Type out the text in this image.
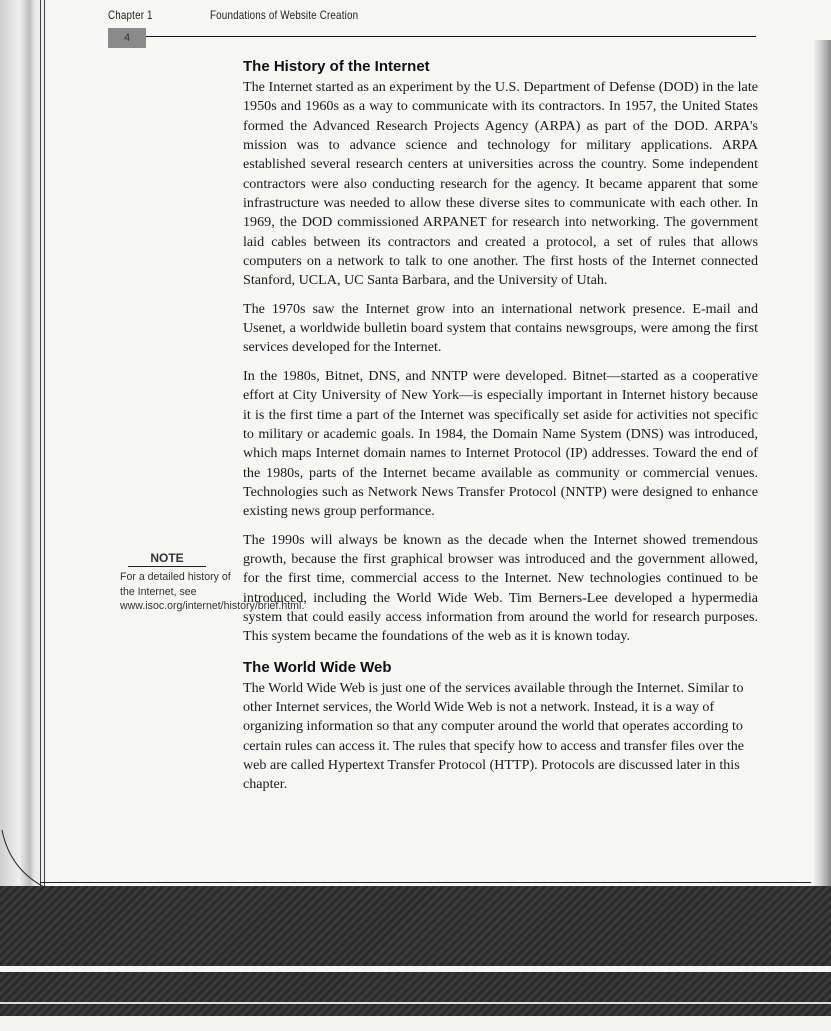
Chapter 1	Foundations of Website Creation
4
The History of the Internet

The Internet started as an experiment by the U.S. Department of Defense (DOD) in the late 1950s and 1960s as a way to communicate with its contractors. In 1957, the United States formed the Advanced Research Projects Agency (ARPA) as part of the DOD. ARPA's mission was to advance science and technology for military applications. ARPA established several research centers at universities across the country. Some independent contractors were also conducting research for the agency. It became apparent that some infrastructure was needed to allow these diverse sites to communicate with each other. In 1969, the DOD commissioned ARPANET for research into networking. The government laid cables between its contractors and created a protocol, a set of rules that allows computers on a network to talk to one another. The first hosts of the Internet connected Stanford, UCLA, UC Santa Barbara, and the University of Utah.

The 1970s saw the Internet grow into an international network presence. E-mail and Usenet, a worldwide bulletin board system that contains newsgroups, were among the first services developed for the Internet.

In the 1980s, Bitnet, DNS, and NNTP were developed. Bitnet—started as a cooperative effort at City University of New York—is especially important in Internet history because it is the first time a part of the Internet was specifically set aside for activities not specific to military or academic goals. In 1984, the Domain Name System (DNS) was introduced, which maps Internet domain names to Internet Protocol (IP) addresses. Toward the end of the 1980s, parts of the Internet became available as community or commercial venues. Technologies such as Network News Transfer Protocol (NNTP) were designed to enhance existing news group performance.

The 1990s will always be known as the decade when the Internet showed tremendous growth, because the first graphical browser was introduced and the government allowed, for the first time, commercial access to the Internet. New technologies continued to be introduced, including the World Wide Web. Tim Berners-Lee developed a hypermedia system that could easily access information from around the world for research purposes. This system became the foundations of the web as it is known today.

The World Wide Web

The World Wide Web is just one of the services available through the Internet. Similar to other Internet services, the World Wide Web is not a network. Instead, it is a way of organizing information so that any computer around the world that operates according to certain rules can access it. The rules that specify how to access and transfer files over the web are called Hypertext Transfer Protocol (HTTP). Protocols are discussed later in this chapter.

NOTE
For a detailed history of the Internet, see www.isoc.org/internet/history/brief.html.
